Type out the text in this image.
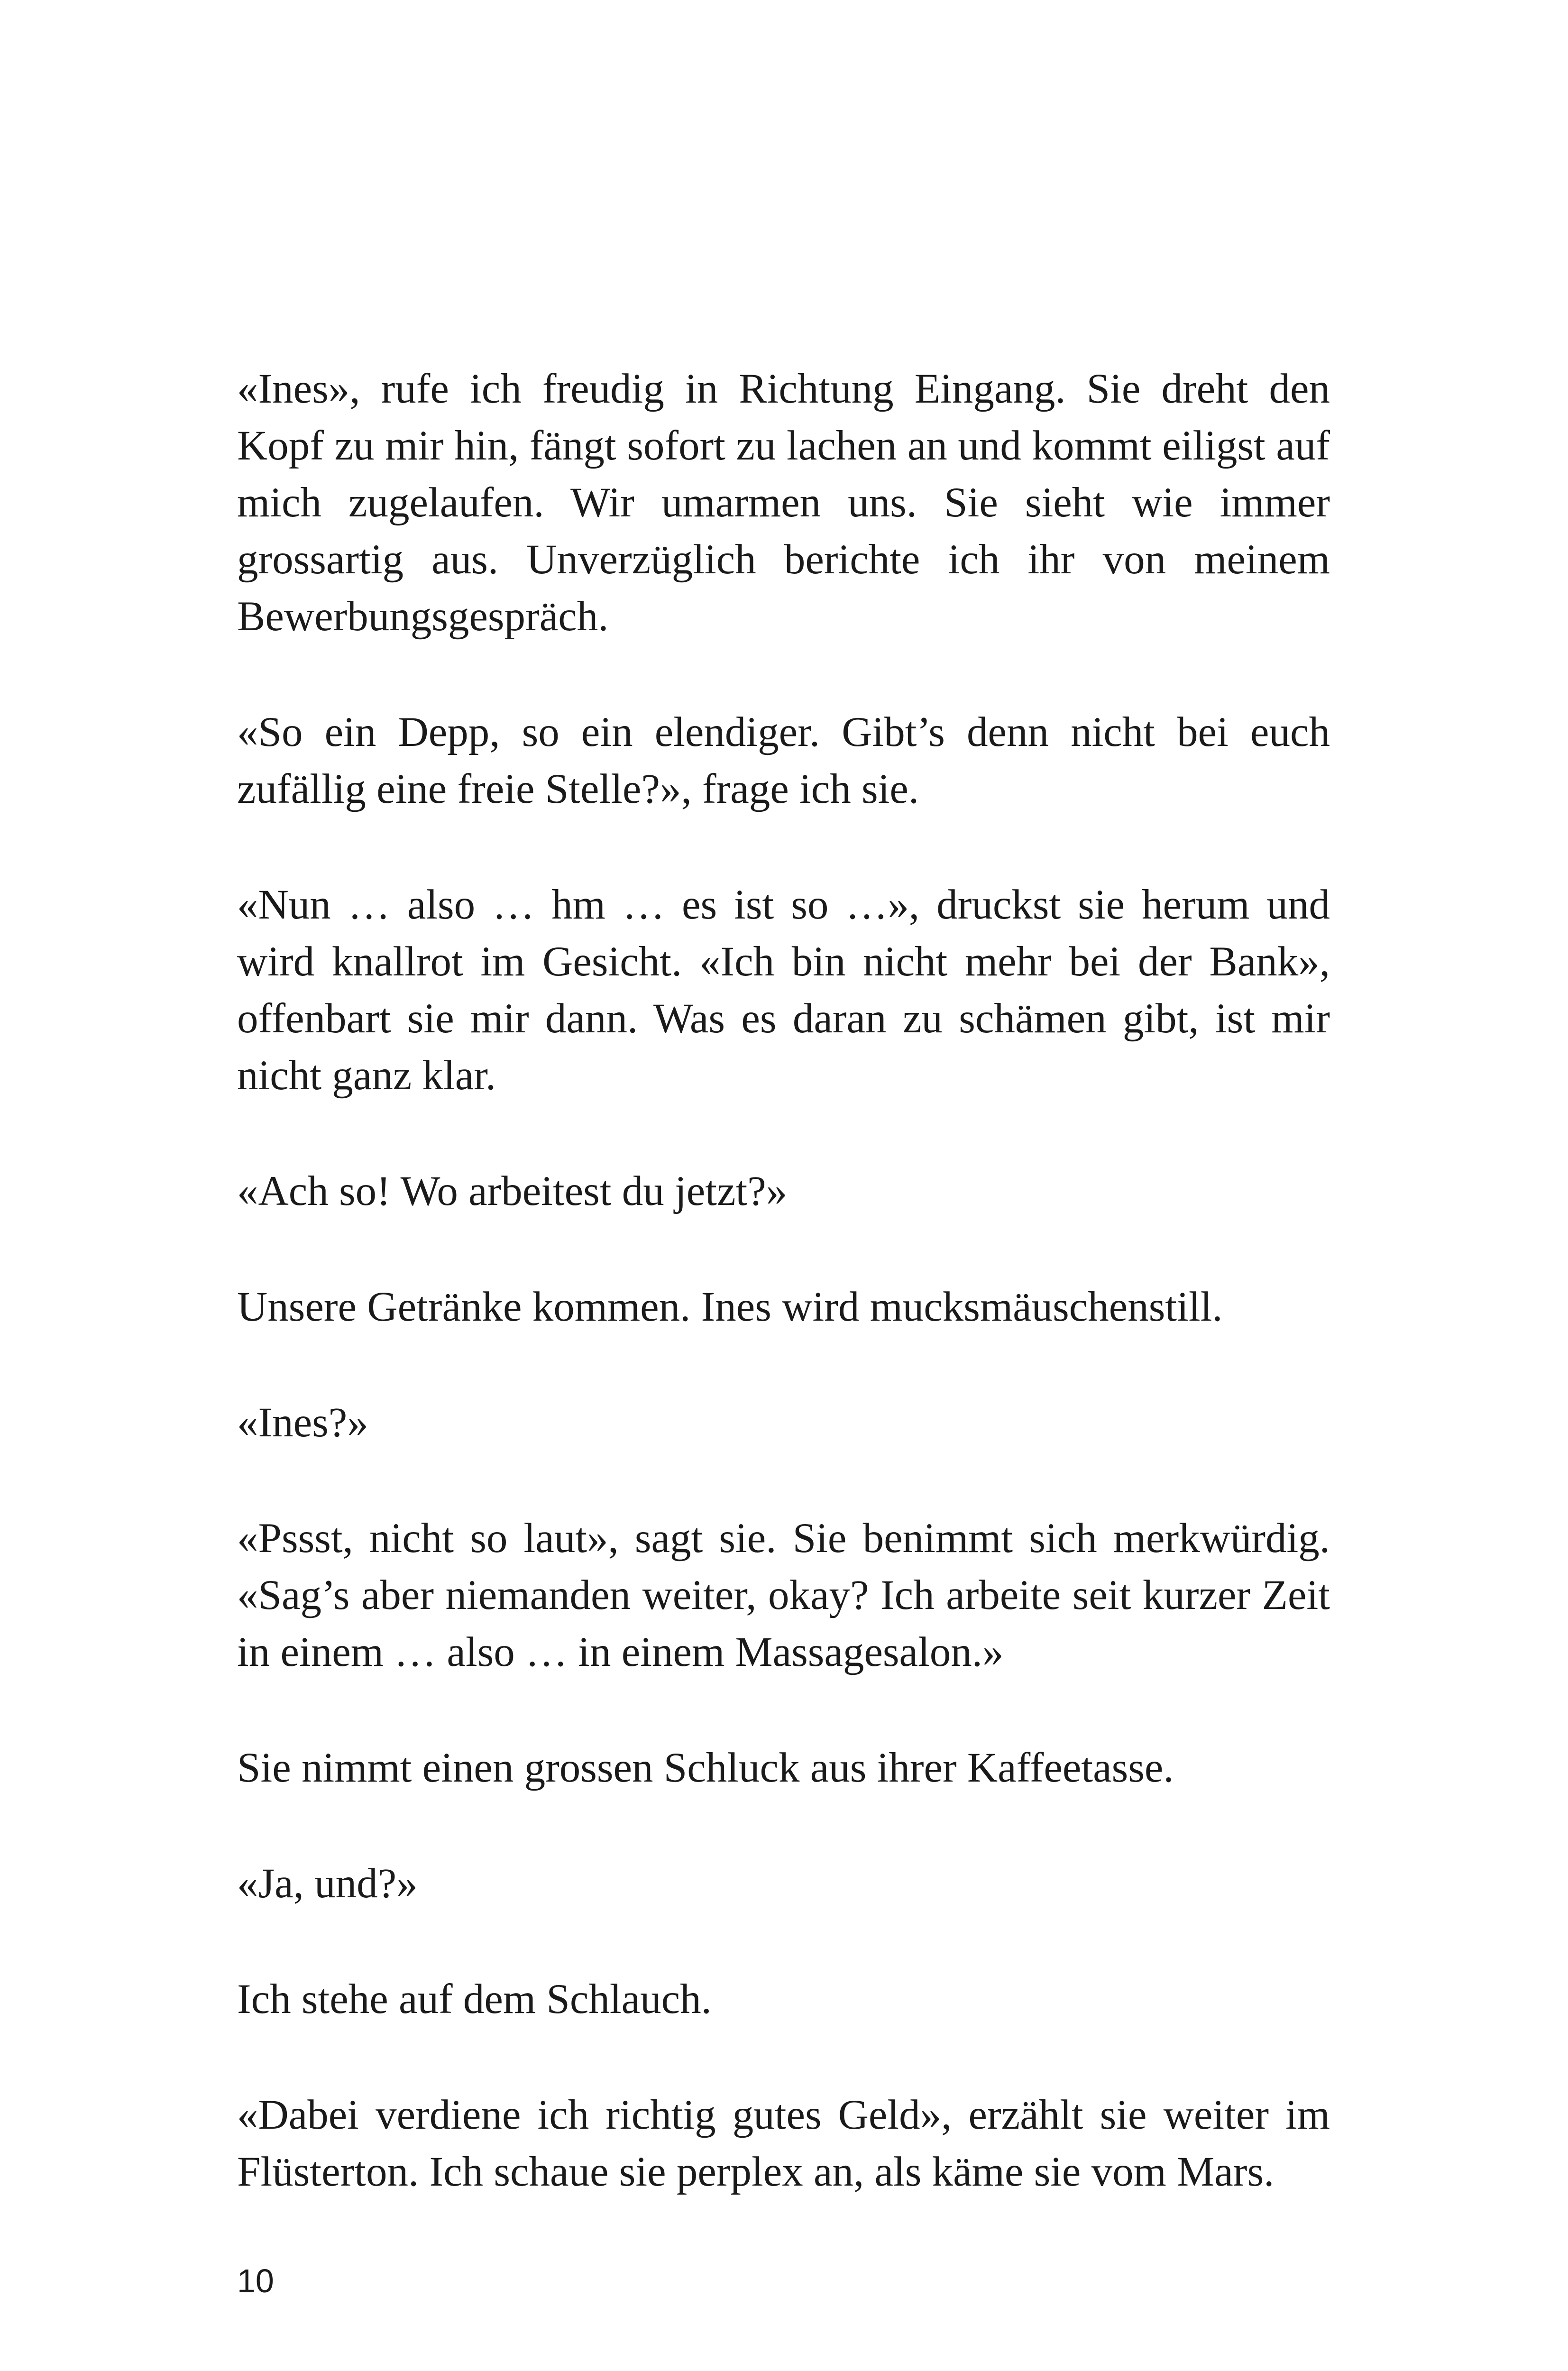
«Ines», rufe ich freudig in Richtung Eingang. Sie dreht den Kopf zu mir hin, fängt sofort zu lachen an und kommt eiligst auf mich zugelaufen. Wir umarmen uns. Sie sieht wie immer grossartig aus. Unverzüglich berichte ich ihr von meinem Bewerbungsgespräch.

«So ein Depp, so ein elendiger. Gibt’s denn nicht bei euch zufällig eine freie Stelle?», frage ich sie.

«Nun … also … hm … es ist so …», druckst sie herum und wird knallrot im Gesicht. «Ich bin nicht mehr bei der Bank», offenbart sie mir dann. Was es daran zu schämen gibt, ist mir nicht ganz klar.

«Ach so! Wo arbeitest du jetzt?»

Unsere Getränke kommen. Ines wird mucksmäuschenstill.

«Ines?»

«Pssst, nicht so laut», sagt sie. Sie benimmt sich merkwürdig. «Sag’s aber niemanden weiter, okay? Ich arbeite seit kurzer Zeit in einem … also … in einem Massagesalon.»

Sie nimmt einen grossen Schluck aus ihrer Kaffeetasse.

«Ja, und?»

Ich stehe auf dem Schlauch.

«Dabei verdiene ich richtig gutes Geld», erzählt sie weiter im Flüsterton. Ich schaue sie perplex an, als käme sie vom Mars.

10
